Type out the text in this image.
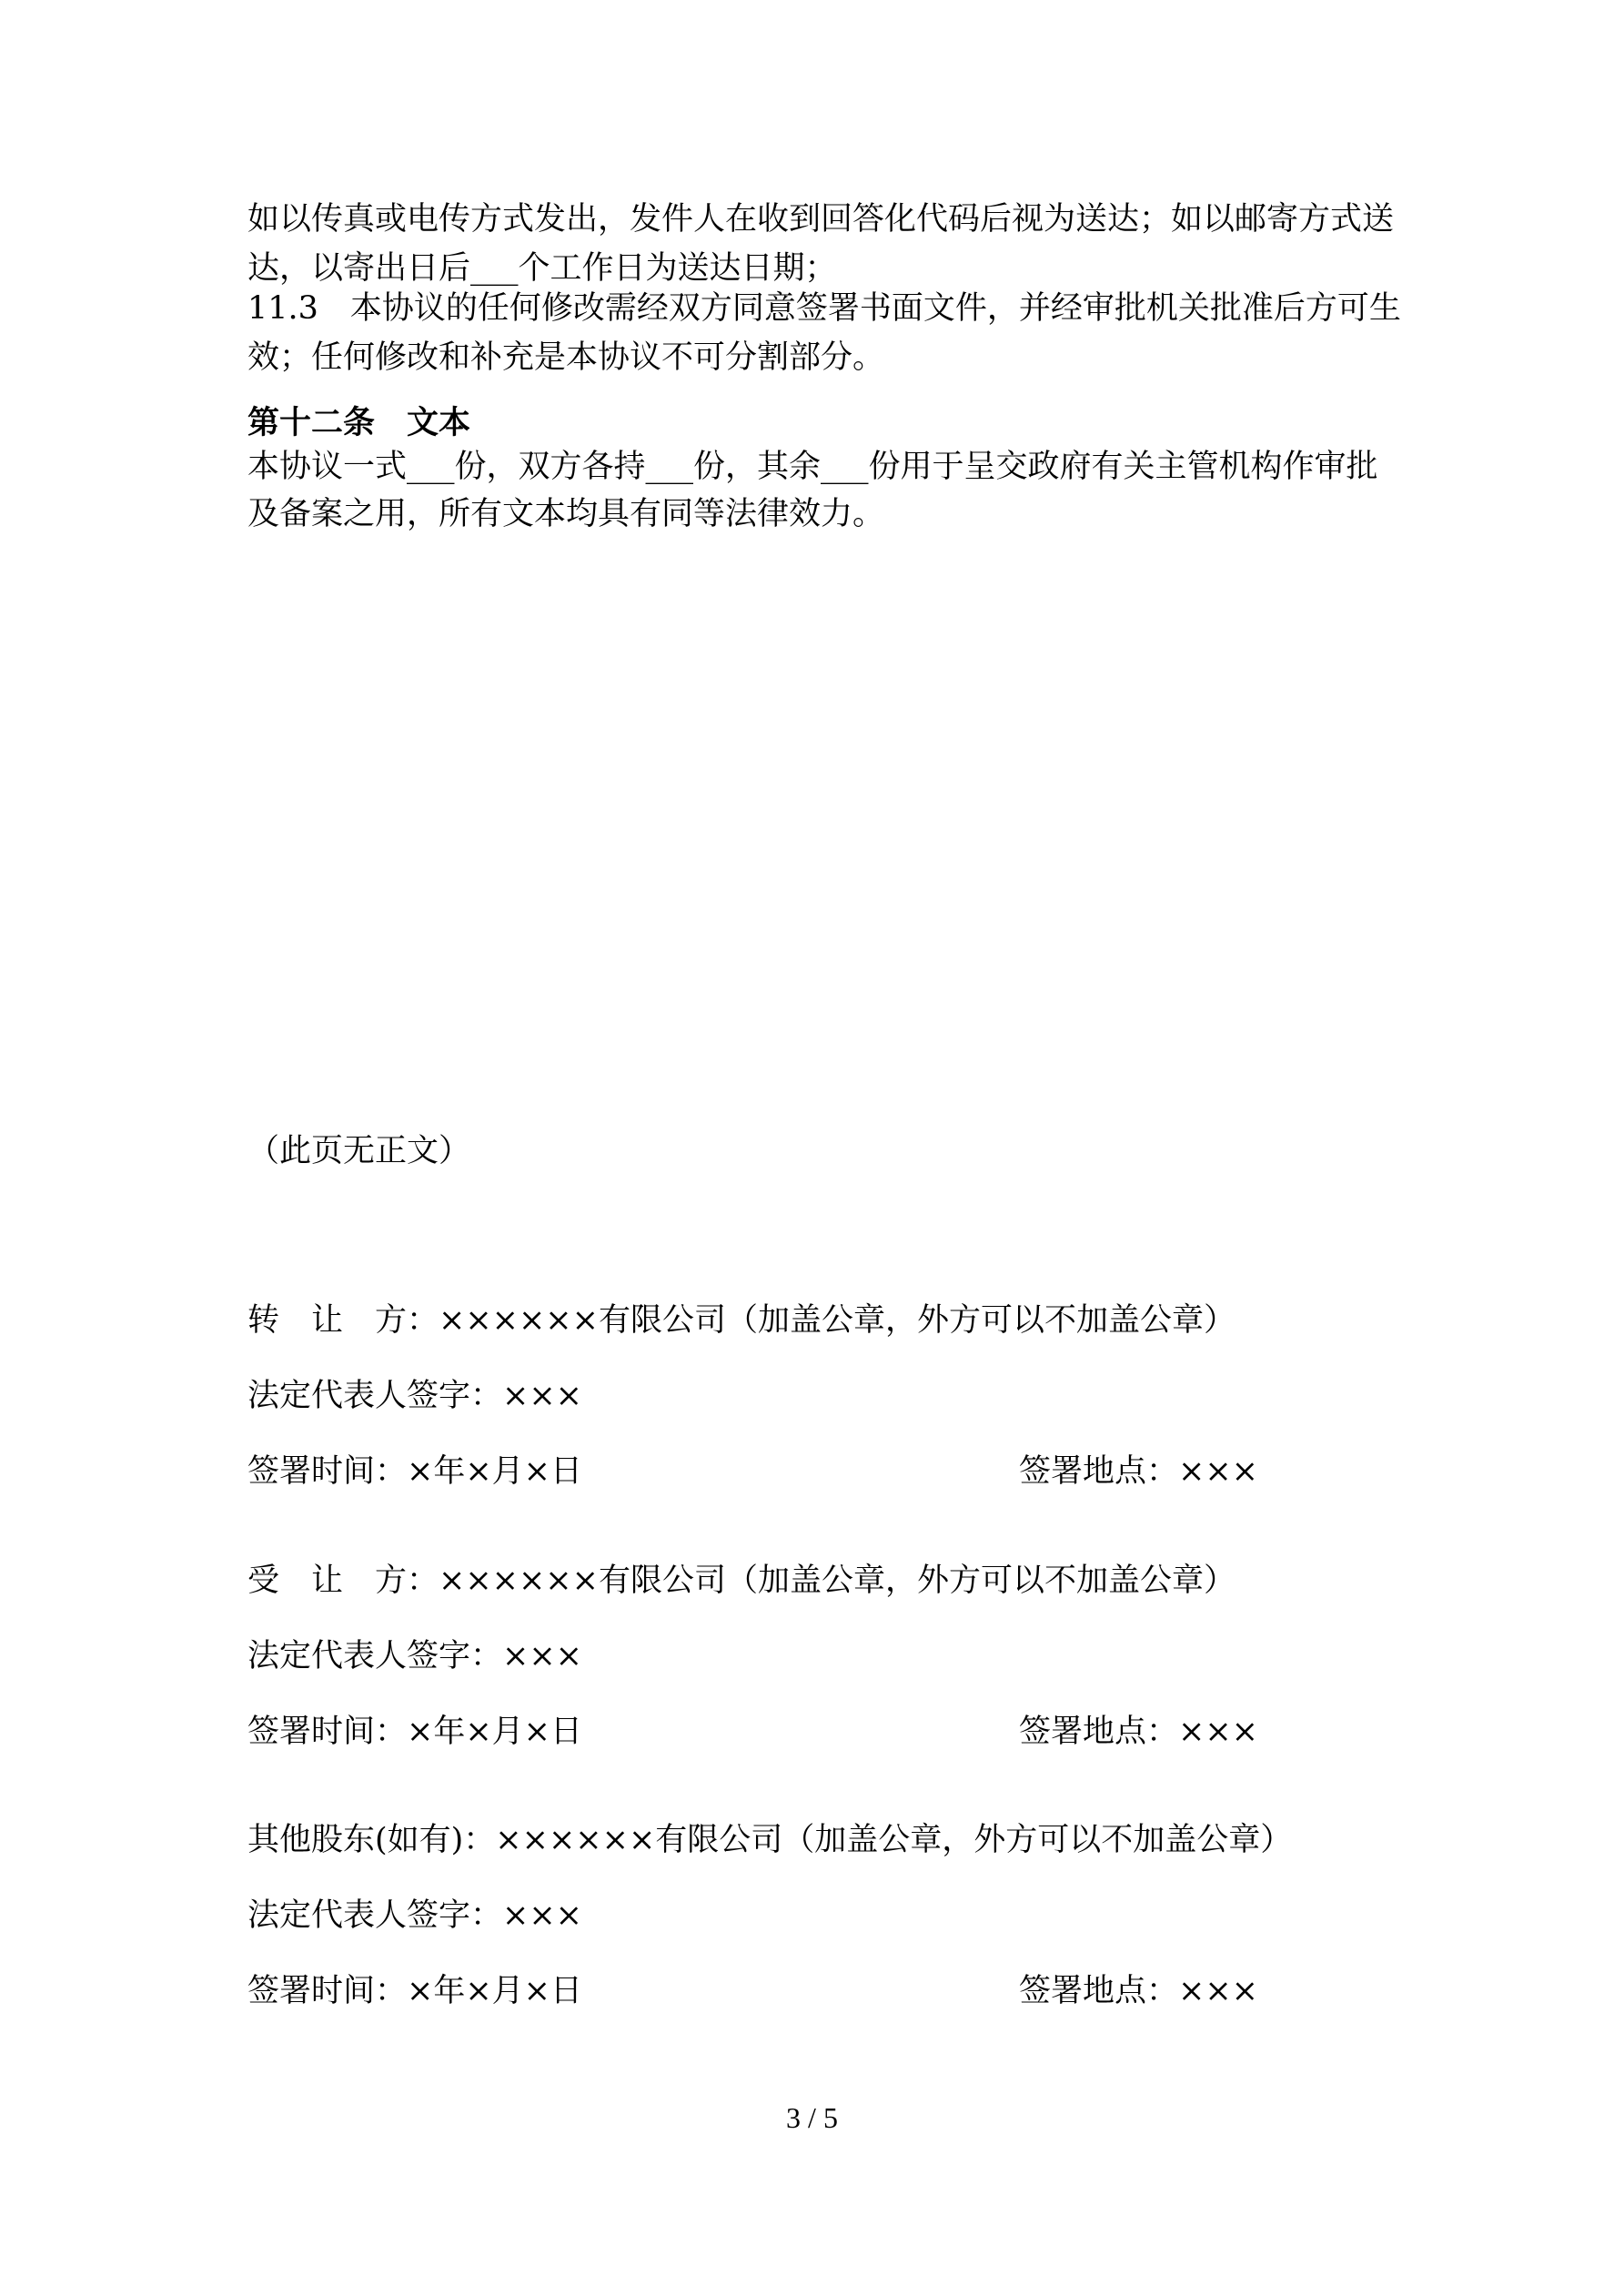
如以传真或电传方式发出，发件人在收到回答化代码后视为送达；如以邮寄方式送
达，以寄出日后___个工作日为送达日期；
11.3　本协议的任何修改需经双方同意签署书面文件，并经审批机关批准后方可生
效；任何修改和补充是本协议不可分割部分。
第十二条　文本
本协议一式___份，双方各持___份，其余___份用于呈交政府有关主管机构作审批
及备案之用，所有文本均具有同等法律效力。
（此页无正文）
转　让　方：××××××有限公司（加盖公章，外方可以不加盖公章）
法定代表人签字：×××
签署时间：×年×月×日	签署地点：×××
受　让　方：××××××有限公司（加盖公章，外方可以不加盖公章）
法定代表人签字：×××
签署时间：×年×月×日	签署地点：×××
其他股东(如有)：××××××有限公司（加盖公章，外方可以不加盖公章）
法定代表人签字：×××
签署时间：×年×月×日	签署地点：×××
3 / 5
